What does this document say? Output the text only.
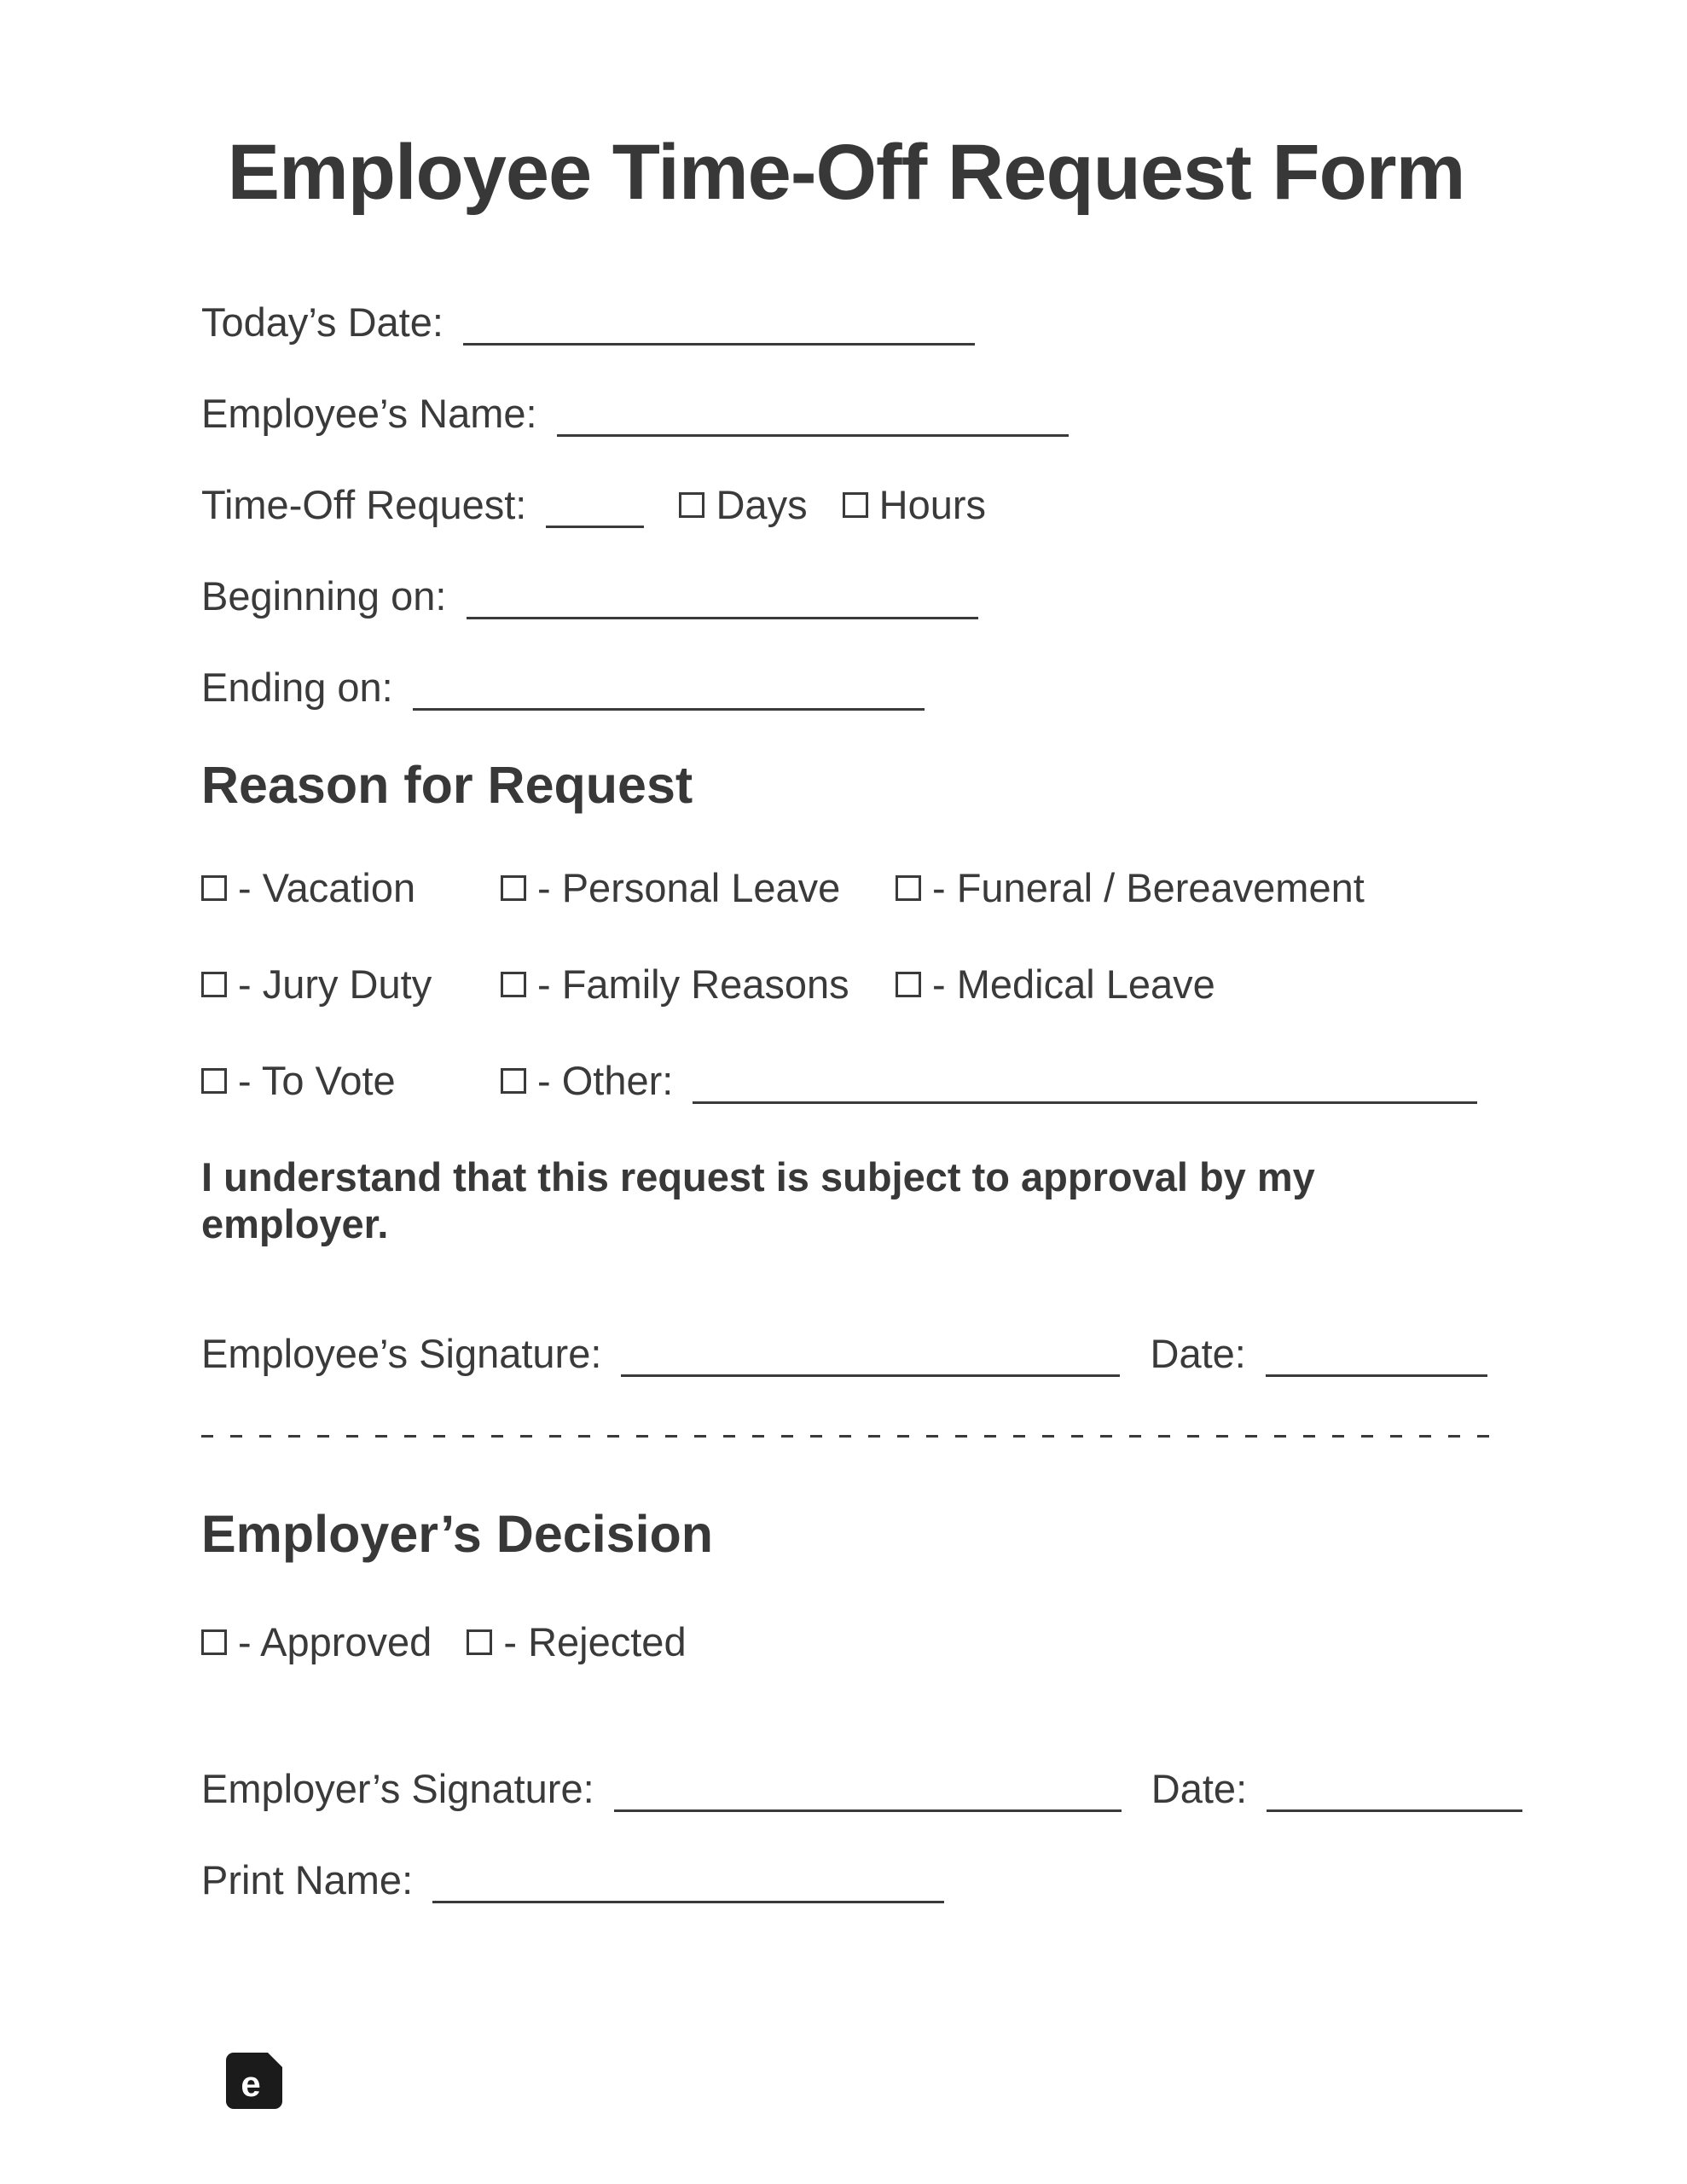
Employee Time-Off Request Form
Today’s Date:
Employee’s Name:
Time-Off Request:	Days Hours
Beginning on:
Ending on:
Reason for Request
- Vacation	- Personal Leave	- Funeral / Bereavement
- Jury Duty	- Family Reasons	- Medical Leave
- To Vote	- Other:
I understand that this request is subject to approval by my employer.
Employee’s Signature:	Date:
Employer’s Decision
- Approved - Rejected
Employer’s Signature:	Date:
Print Name:
e
